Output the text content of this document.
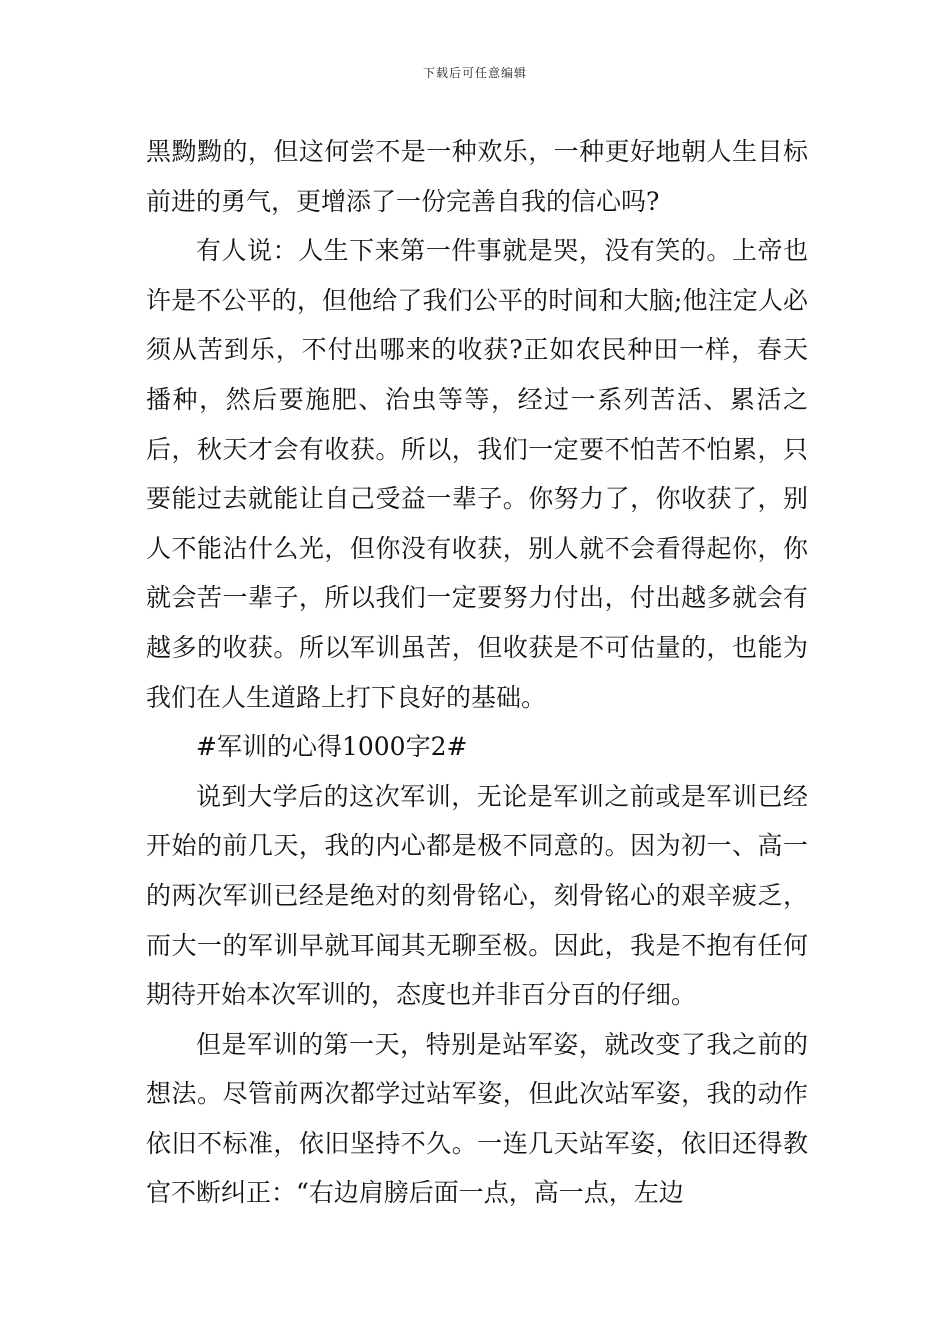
下载后可任意编辑

黑黝黝的，但这何尝不是一种欢乐，一种更好地朝人生目标前进的勇气，更增添了一份完善自我的信心吗?

有人说：人生下来第一件事就是哭，没有笑的。上帝也许是不公平的，但他给了我们公平的时间和大脑;他注定人必须从苦到乐，不付出哪来的收获?正如农民种田一样，春天播种，然后要施肥、治虫等等，经过一系列苦活、累活之后，秋天才会有收获。所以，我们一定要不怕苦不怕累，只要能过去就能让自己受益一辈子。你努力了，你收获了，别人不能沾什么光，但你没有收获，别人就不会看得起你，你就会苦一辈子，所以我们一定要努力付出，付出越多就会有越多的收获。所以军训虽苦，但收获是不可估量的，也能为我们在人生道路上打下良好的基础。

#军训的心得1000字2#

说到大学后的这次军训，无论是军训之前或是军训已经开始的前几天，我的内心都是极不同意的。因为初一、高一的两次军训已经是绝对的刻骨铭心，刻骨铭心的艰辛疲乏，而大一的军训早就耳闻其无聊至极。因此，我是不抱有任何期待开始本次军训的，态度也并非百分百的仔细。

但是军训的第一天，特别是站军姿，就改变了我之前的想法。尽管前两次都学过站军姿，但此次站军姿，我的动作依旧不标准，依旧坚持不久。一连几天站军姿，依旧还得教官不断纠正：“右边肩膀后面一点，高一点，左边
